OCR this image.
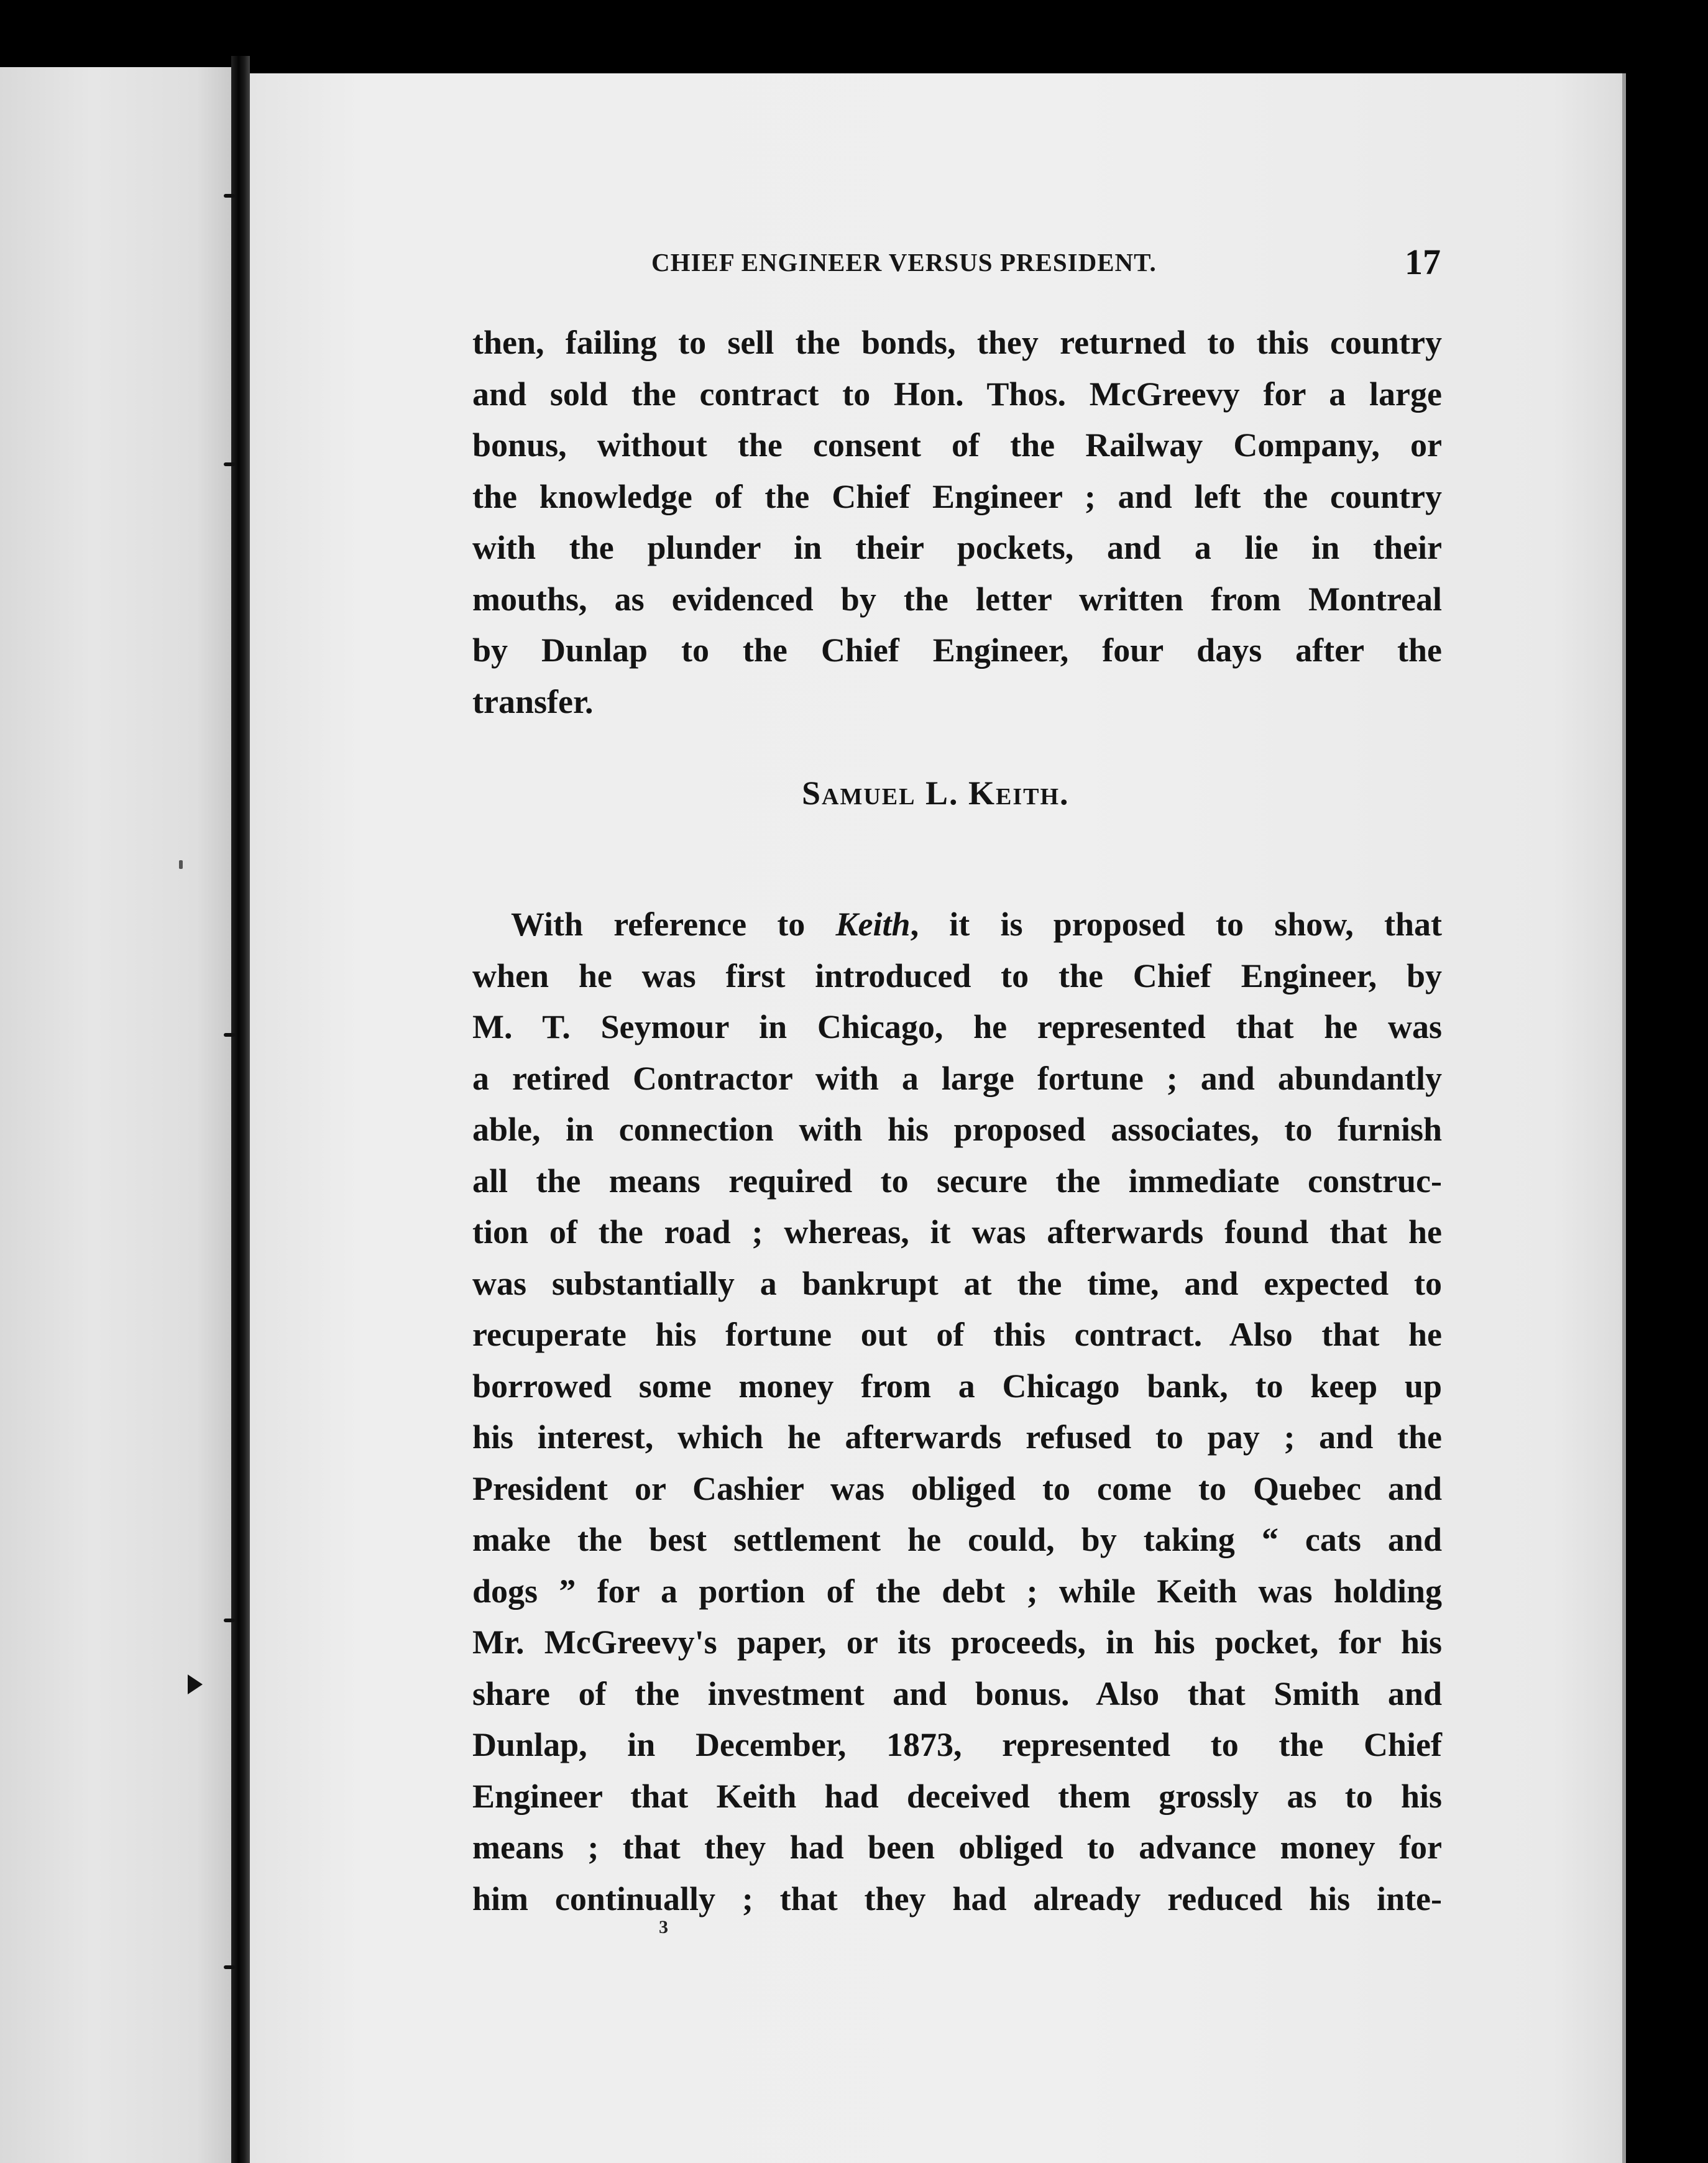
CHIEF ENGINEER VERSUS PRESIDENT.	17
then, failing to sell the bonds, they returned to this country
and sold the contract to Hon. Thos. McGreevy for a large
bonus, without the consent of the Railway Company, or
the knowledge of the Chief Engineer ; and left the country
with the plunder in their pockets, and a lie in their
mouths, as evidenced by the letter written from Montreal
by Dunlap to the Chief Engineer, four days after the
transfer.
Samuel L. Keith.
With reference to Keith, it is proposed to show, that
when he was first introduced to the Chief Engineer, by
M. T. Seymour in Chicago, he represented that he was
a retired Contractor with a large fortune ; and abundantly
able, in connection with his proposed associates, to furnish
all the means required to secure the immediate construc-
tion of the road ; whereas, it was afterwards found that he
was substantially a bankrupt at the time, and expected to
recuperate his fortune out of this contract. Also that he
borrowed some money from a Chicago bank, to keep up
his interest, which he afterwards refused to pay ; and the
President or Cashier was obliged to come to Quebec and
make the best settlement he could, by taking “ cats and
dogs ” for a portion of the debt ; while Keith was holding
Mr. McGreevy's paper, or its proceeds, in his pocket, for his
share of the investment and bonus. Also that Smith and
Dunlap, in December, 1873, represented to the Chief
Engineer that Keith had deceived them grossly as to his
means ; that they had been obliged to advance money for
him continually ; that they had already reduced his inte-
3
